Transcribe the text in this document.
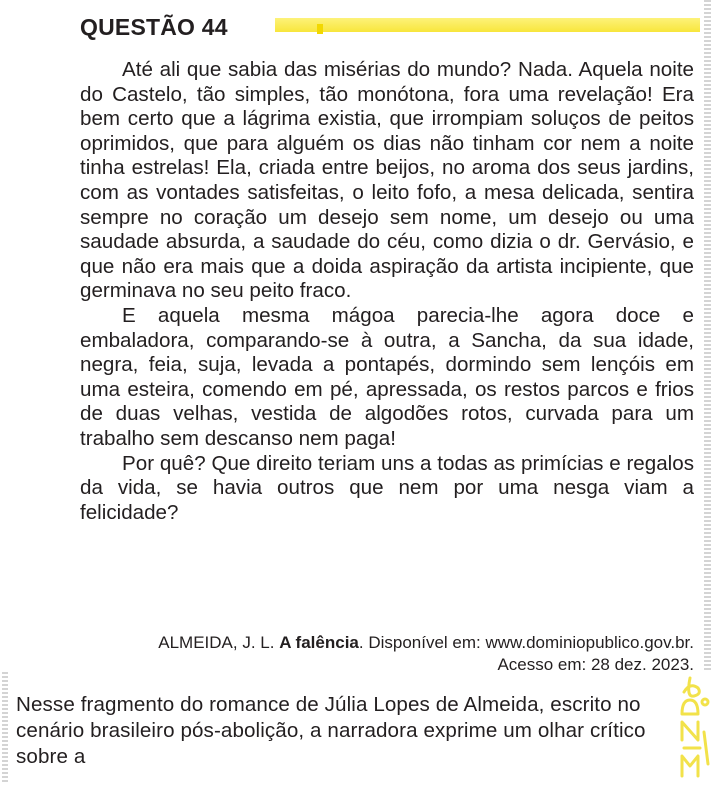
QUESTÃO 44

Até ali que sabia das misérias do mundo? Nada. Aquela noite do Castelo, tão simples, tão monótona, fora uma revelação! Era bem certo que a lágrima existia, que irrompiam soluços de peitos oprimidos, que para alguém os dias não tinham cor nem a noite tinha estrelas! Ela, criada entre beijos, no aroma dos seus jardins, com as vontades satisfeitas, o leito fofo, a mesa delicada, sentira sempre no coração um desejo sem nome, um desejo ou uma saudade absurda, a saudade do céu, como dizia o dr. Gervásio, e que não era mais que a doida aspiração da artista incipiente, que germinava no seu peito fraco.

E aquela mesma mágoa parecia-lhe agora doce e embaladora, comparando-se à outra, a Sancha, da sua idade, negra, feia, suja, levada a pontapés, dormindo sem lençóis em uma esteira, comendo em pé, apressada, os restos parcos e frios de duas velhas, vestida de algodões rotos, curvada para um trabalho sem descanso nem paga!

Por quê? Que direito teriam uns a todas as primícias e regalos da vida, se havia outros que nem por uma nesga viam a felicidade?

ALMEIDA, J. L. A falência. Disponível em: www.dominiopublico.gov.br.
Acesso em: 28 dez. 2023.
Nesse fragmento do romance de Júlia Lopes de Almeida, escrito no cenário brasileiro pós-abolição, a narradora exprime um olhar crítico sobre a
